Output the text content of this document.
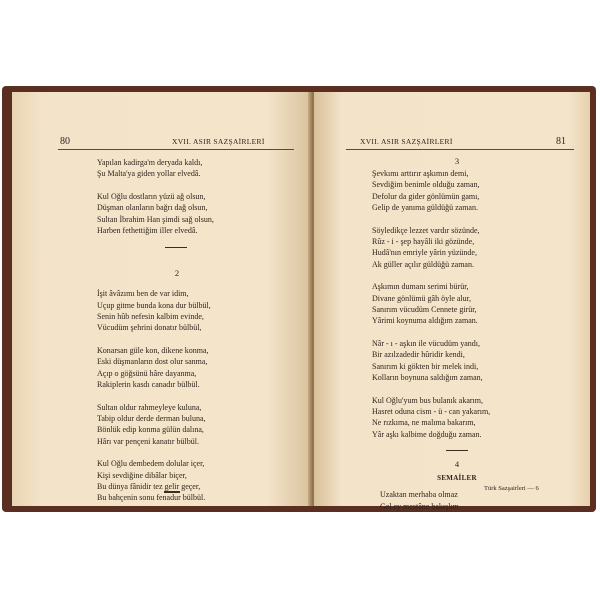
80	XVII. ASIR SAZŞAİRLERİ
Yapılan kadirga'm deryada kaldı,
Şu Malta'ya giden yollar elvedâ.
Kul Oğlu dostların yüzü ağ olsun,
Düşman olanların bağrı dağ olsun,
Sultan İbrahim Han şimdi sağ olsun,
Harben fethettiğim iller elvedâ.
2
İşit âvâzımı ben de var idim,
Uçup gitme bunda kona dur bülbül,
Senin hûb nefesin kalbim evinde,
Vücudüm şehrini donatır bülbül,
Konarsan güle kon, dikene konma,
Eski düşmanların dost olur sanma,
Açıp o göğsünü hâre dayanma,
Rakiplerin kasdı canadır bülbül.
Sultan oldur rahmeyleye kuluna,
Tabip oldur derde derman buluna,
Bönlük edip konma gülün dalına,
Hârı var pençeni kanatır bülbül.
Kul Oğlu dembedem dolular içer,
Kişi sevdiğine dibâlar biçer,
Bu dünya fânidir tez gelir geçer,
Bu bahçenin sonu fenadur bülbül.
XVII. ASIR SAZŞAİRLERİ	81
3
Şevkımı arttırır aşkımın demi,
Sevdiğim benimle olduğu zaman,
Defolur da gider gönlümün gamı,
Gelip de yanıma güldüğü zaman.
Söyledikçe lezzet vardır sözünde,
Rûz - i - şep hayâli iki gözünde,
Hudâ'nın emriyle yârin yüzünde,
Ak güller açılır güldüğü zaman.
Aşkımın dumanı serimi bürür,
Divane gönlümü gâh öyle alur,
Sanırım vücudüm Cennete girür,
Yârimi koynuma aldığım zaman.
Nâr - ı - aşkın ile vücudüm yandı,
Bir azılzadedir hûridir kendi,
Sanırım ki gökten bir melek indi,
Kolların boynuna saldığım zaman,
Kul Oğlu'yum bus bulanık akarım,
Hasret oduna cism - ü - can yakarım,
Ne rızkıma, ne malıma bakarım,
Yâr aşkı kalbime doğduğu zaman.
4
SEMAİLER
Uzaktan merhaba olmaz
Gel ey mestâne bakışlım
Türk Sazşairleri — 6
